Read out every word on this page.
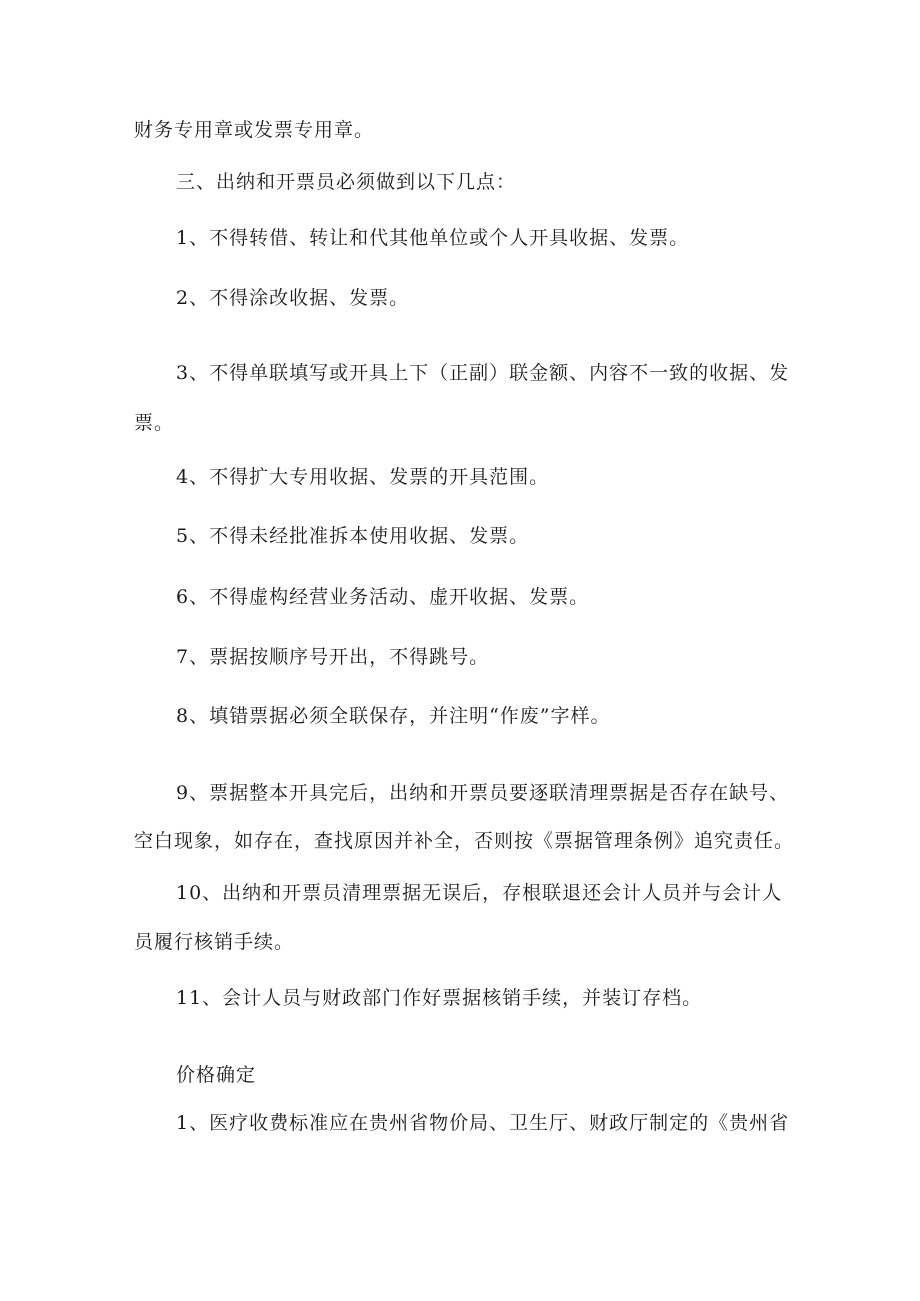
财务专用章或发票专用章。

三、出纳和开票员必须做到以下几点：

1、不得转借、转让和代其他单位或个人开具收据、发票。

2、不得涂改收据、发票。

3、不得单联填写或开具上下（正副）联金额、内容不一致的收据、发

票。

4、不得扩大专用收据、发票的开具范围。

5、不得未经批准拆本使用收据、发票。

6、不得虚构经营业务活动、虚开收据、发票。

7、票据按顺序号开出，不得跳号。

8、填错票据必须全联保存，并注明“作废”字样。

9、票据整本开具完后，出纳和开票员要逐联清理票据是否存在缺号、

空白现象，如存在，查找原因并补全，否则按《票据管理条例》追究责任。

10、出纳和开票员清理票据无误后，存根联退还会计人员并与会计人

员履行核销手续。

11、会计人员与财政部门作好票据核销手续，并装订存档。

价格确定

1、医疗收费标准应在贵州省物价局、卫生厅、财政厅制定的《贵州省
